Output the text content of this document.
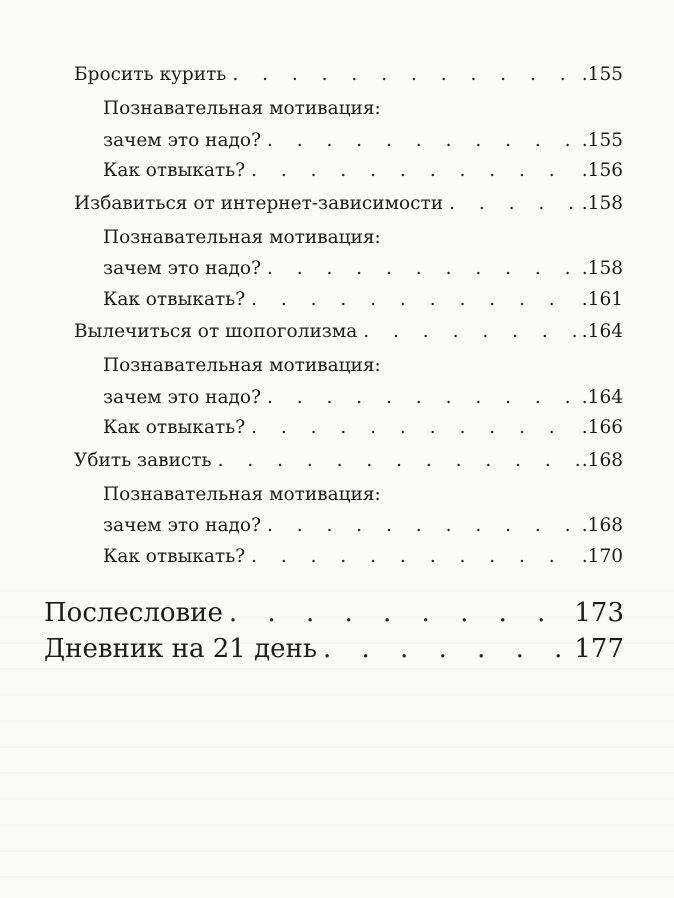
Бросить курить . . .	.155
Познавательная мотивация:
зачем это надо? . . .	.155
Как отвыкать? . . .	.156
Избавиться от интернет-зависимости . . .	.158
Познавательная мотивация:
зачем это надо? . . .	.158
Как отвыкать? . . .	.161
Вылечиться от шопоголизма . . .	.164
Познавательная мотивация:
зачем это надо? . . .	.164
Как отвыкать? . . .	.166
Убить зависть . . .	.168
Познавательная мотивация:
зачем это надо? . . .	.168
Как отвыкать? . . .	.170
Послесловие . . .	173
Дневник на 21 день . . .	177
